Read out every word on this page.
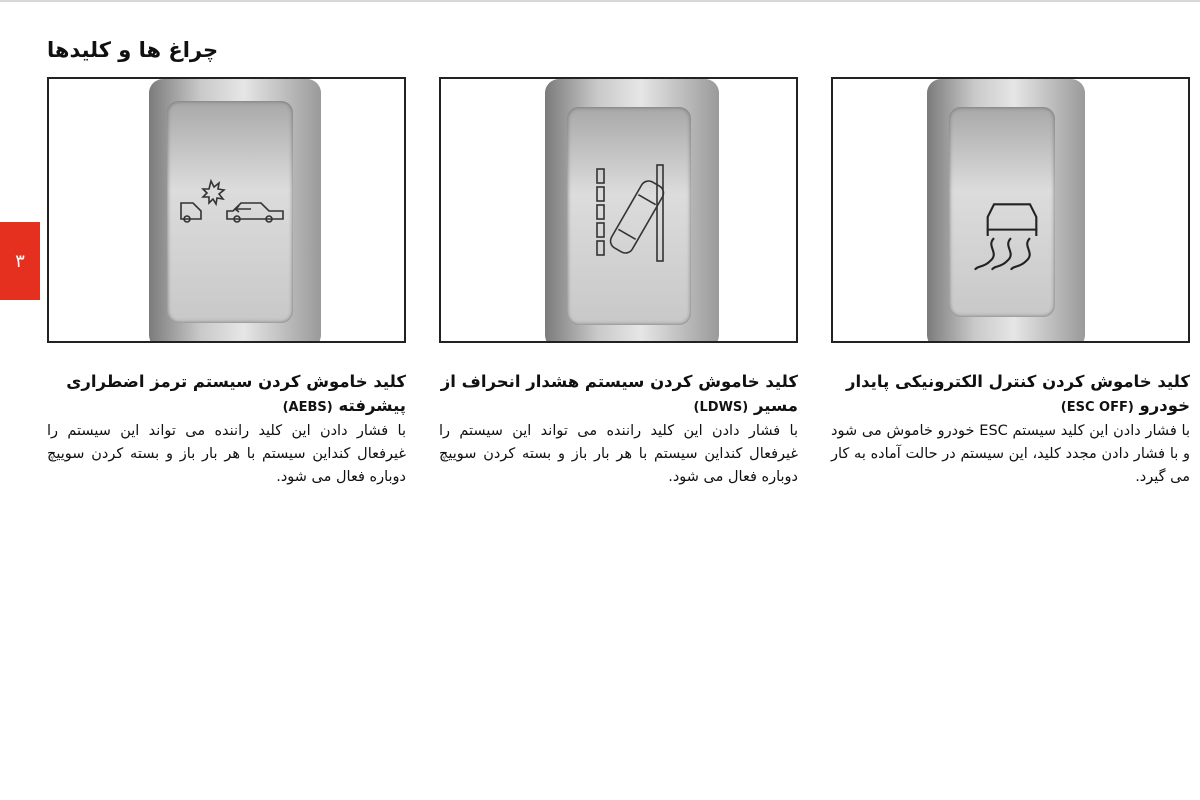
چراغ ها و کلیدها
۳
کلید خاموش کردن سیستم ترمز اضطراری پیشرفته (AEBS)
با فشار دادن این کلید راننده می تواند این سیستم را غیرفعال کنداین سیستم با هر بار باز و بسته کردن سوییچ دوباره فعال می شود.
کلید خاموش کردن سیستم هشدار انحراف از مسیر (LDWS)
با فشار دادن این کلید راننده می تواند این سیستم را غیرفعال کنداین سیستم با هر بار باز و بسته کردن سوییچ دوباره فعال می شود.
کلید خاموش کردن کنترل الکترونیکی پایدار خودرو (ESC OFF)
با فشار دادن این کلید سیستم ESC خودرو خاموش می شود و با فشار دادن مجدد کلید، این سیستم در حالت آماده به کار می گیرد.
